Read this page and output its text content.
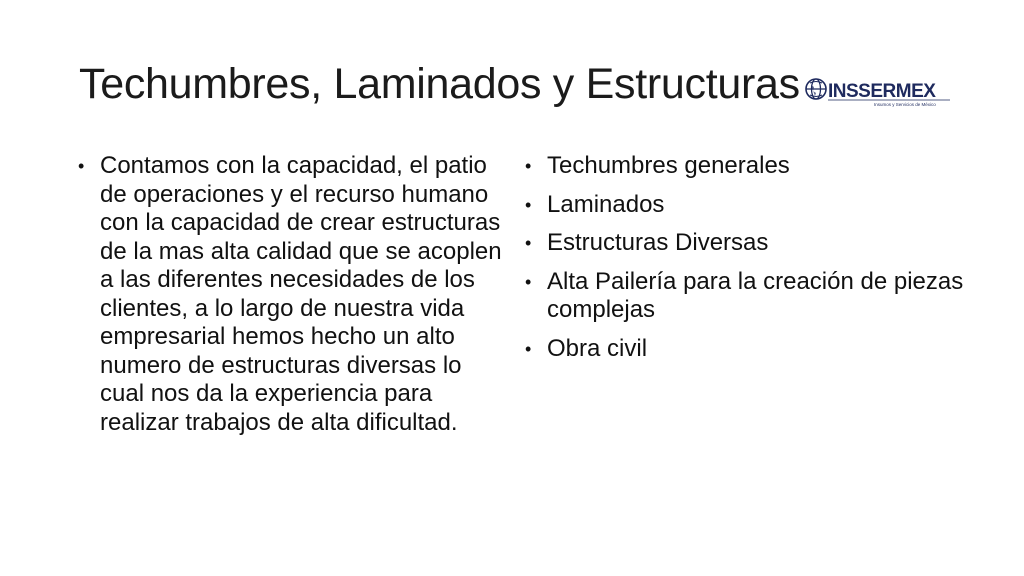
Techumbres, Laminados y Estructuras INSSERMEX
Insumos y Servicios de México
• Contamos con la capacidad, el patio de operaciones y el recurso humano con la capacidad de crear estructuras de la mas alta calidad que se acoplen a las diferentes necesidades de los clientes, a lo largo de nuestra vida empresarial hemos hecho un alto numero de estructuras diversas lo cual nos da la experiencia para realizar trabajos de alta dificultad.
• Techumbres generales
• Laminados
• Estructuras Diversas
• Alta Pailería para la creación de piezas complejas
• Obra civil
